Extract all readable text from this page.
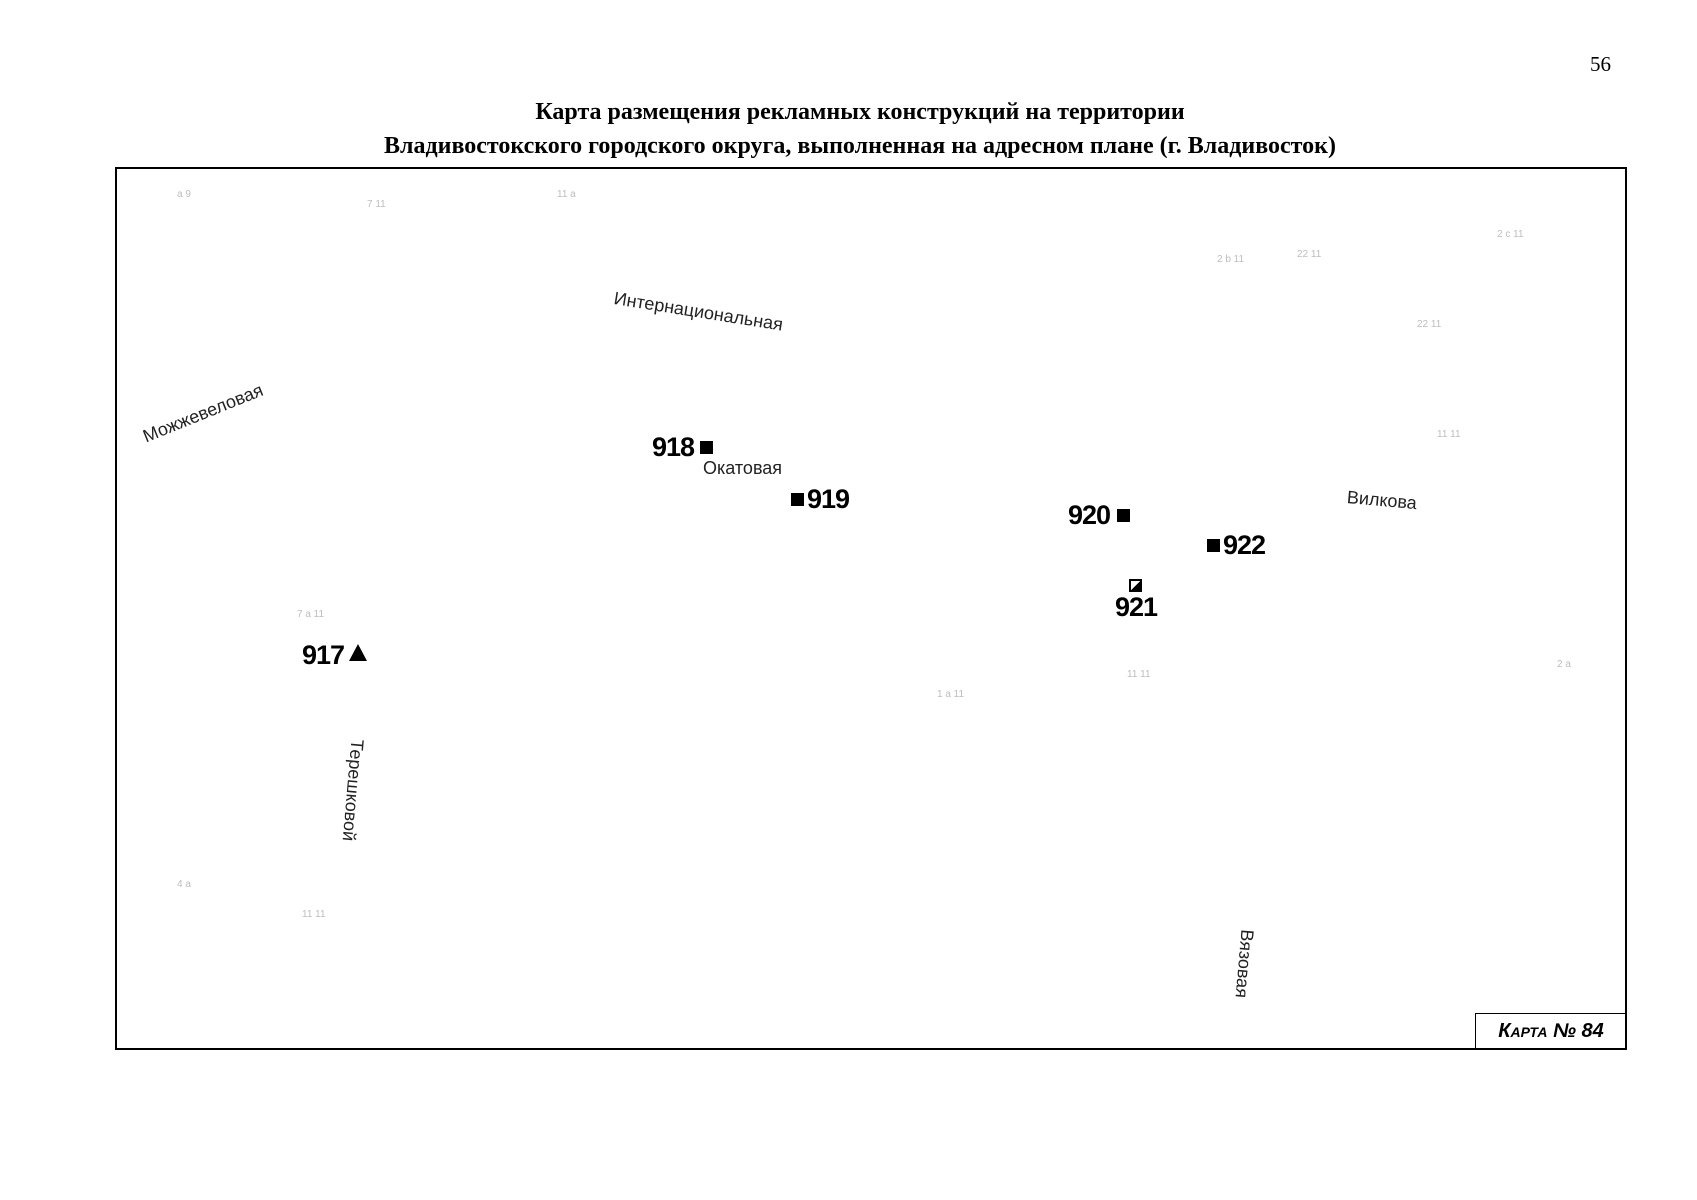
56
Карта размещения рекламных конструкций на территории
Владивостокского городского округа, выполненная на адресном плане (г. Владивосток)
a 9
7 11
11 a
2 b 11	22 11
2 c 11
22 11
7 a 11
4 a
11 11
1 a 11
11 11
11 11
2 a
Интернациональная
Можжевеловая
Окатовая
Терешковой
Вилкова
Вязовая
917
918
919
920
921
922
Карта № 84
